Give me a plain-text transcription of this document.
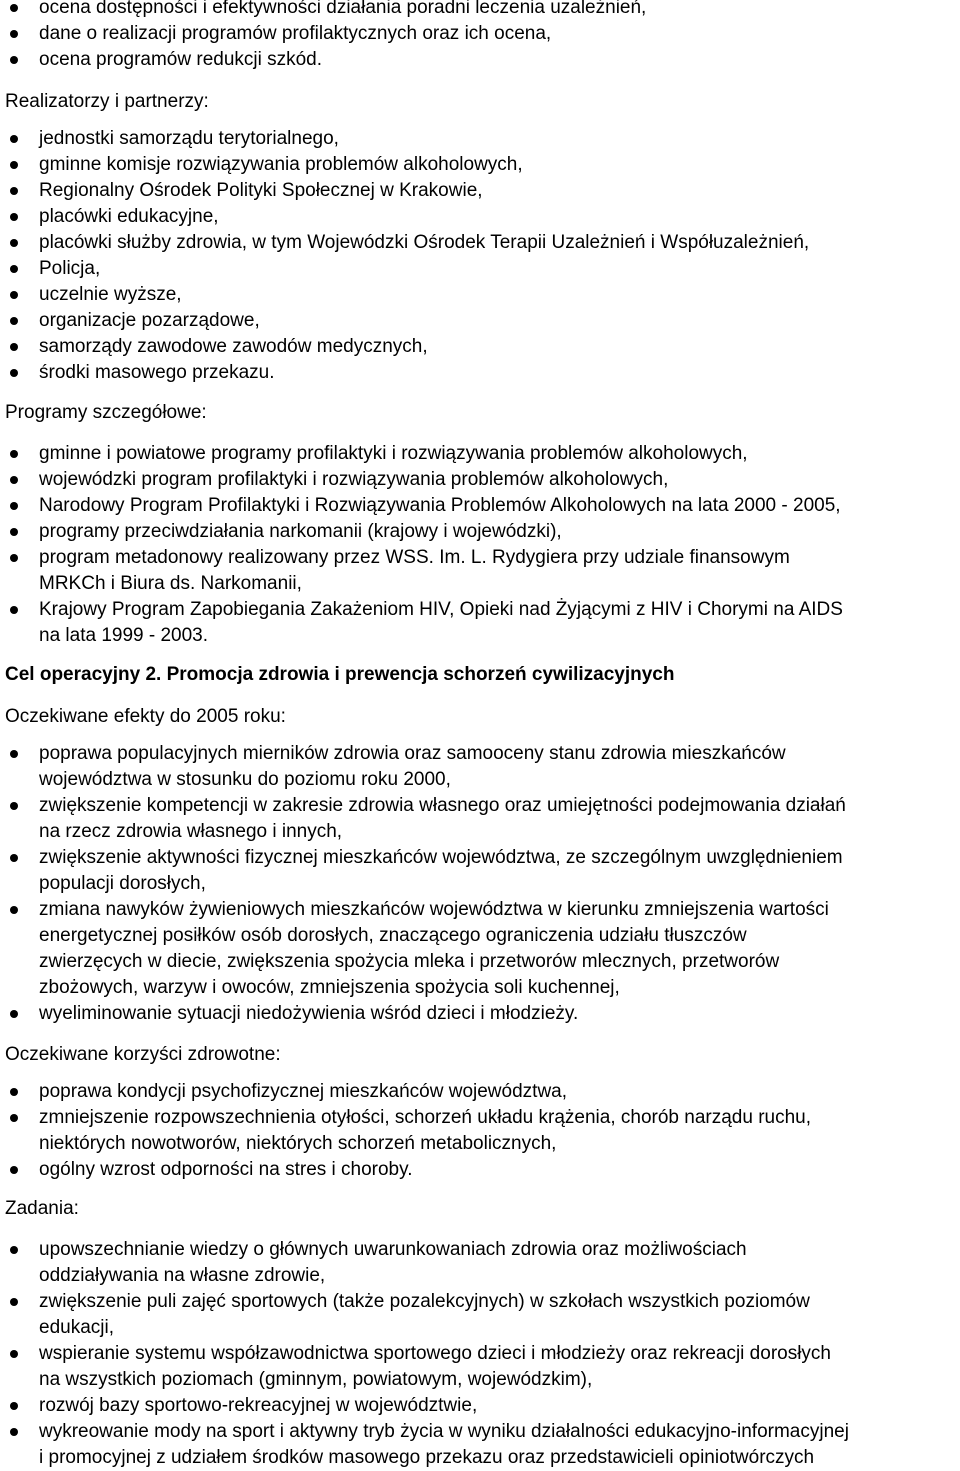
ocena dostępności i efektywności działania poradni leczenia uzależnień,
dane o realizacji programów profilaktycznych oraz ich ocena,
ocena programów redukcji szkód.
Realizatorzy i partnerzy:
jednostki samorządu terytorialnego,
gminne komisje rozwiązywania problemów alkoholowych,
Regionalny Ośrodek Polityki Społecznej w Krakowie,
placówki edukacyjne,
placówki służby zdrowia, w tym Wojewódzki Ośrodek Terapii Uzależnień i Współuzależnień,
Policja,
uczelnie wyższe,
organizacje pozarządowe,
samorządy zawodowe zawodów medycznych,
środki masowego przekazu.
Programy szczegółowe:
gminne i powiatowe programy profilaktyki i rozwiązywania problemów alkoholowych,
wojewódzki program profilaktyki i rozwiązywania problemów alkoholowych,
Narodowy Program Profilaktyki i Rozwiązywania Problemów Alkoholowych na lata 2000 - 2005,
programy przeciwdziałania narkomanii (krajowy i wojewódzki),
program metadonowy realizowany przez WSS. Im. L. Rydygiera przy udziale finansowym
MRKCh i Biura ds. Narkomanii,
Krajowy Program Zapobiegania Zakażeniom HIV, Opieki nad Żyjącymi z HIV i Chorymi na AIDS
na lata 1999 - 2003.
Cel operacyjny 2. Promocja zdrowia i prewencja schorzeń cywilizacyjnych
Oczekiwane efekty do 2005 roku:
poprawa populacyjnych mierników zdrowia oraz samooceny stanu zdrowia mieszkańców
województwa w stosunku do poziomu roku 2000,
zwiększenie kompetencji w zakresie zdrowia własnego oraz umiejętności podejmowania działań
na rzecz zdrowia własnego i innych,
zwiększenie aktywności fizycznej mieszkańców województwa, ze szczególnym uwzględnieniem
populacji dorosłych,
zmiana nawyków żywieniowych mieszkańców województwa w kierunku zmniejszenia wartości
energetycznej posiłków osób dorosłych, znaczącego ograniczenia udziału tłuszczów
zwierzęcych w diecie, zwiększenia spożycia mleka i przetworów mlecznych, przetworów
zbożowych, warzyw i owoców, zmniejszenia spożycia soli kuchennej,
wyeliminowanie sytuacji niedożywienia wśród dzieci i młodzieży.
Oczekiwane korzyści zdrowotne:
poprawa kondycji psychofizycznej mieszkańców województwa,
zmniejszenie rozpowszechnienia otyłości, schorzeń układu krążenia, chorób narządu ruchu,
niektórych nowotworów, niektórych schorzeń metabolicznych,
ogólny wzrost odporności na stres i choroby.
Zadania:
upowszechnianie wiedzy o głównych uwarunkowaniach zdrowia oraz możliwościach
oddziaływania na własne zdrowie,
zwiększenie puli zajęć sportowych (także pozalekcyjnych) w szkołach wszystkich poziomów
edukacji,
wspieranie systemu współzawodnictwa sportowego dzieci i młodzieży oraz rekreacji dorosłych
na wszystkich poziomach (gminnym, powiatowym, wojewódzkim),
rozwój bazy sportowo-rekreacyjnej w województwie,
wykreowanie mody na sport i aktywny tryb życia w wyniku działalności edukacyjno-informacyjnej
i promocyjnej z udziałem środków masowego przekazu oraz przedstawicieli opiniotwórczych
